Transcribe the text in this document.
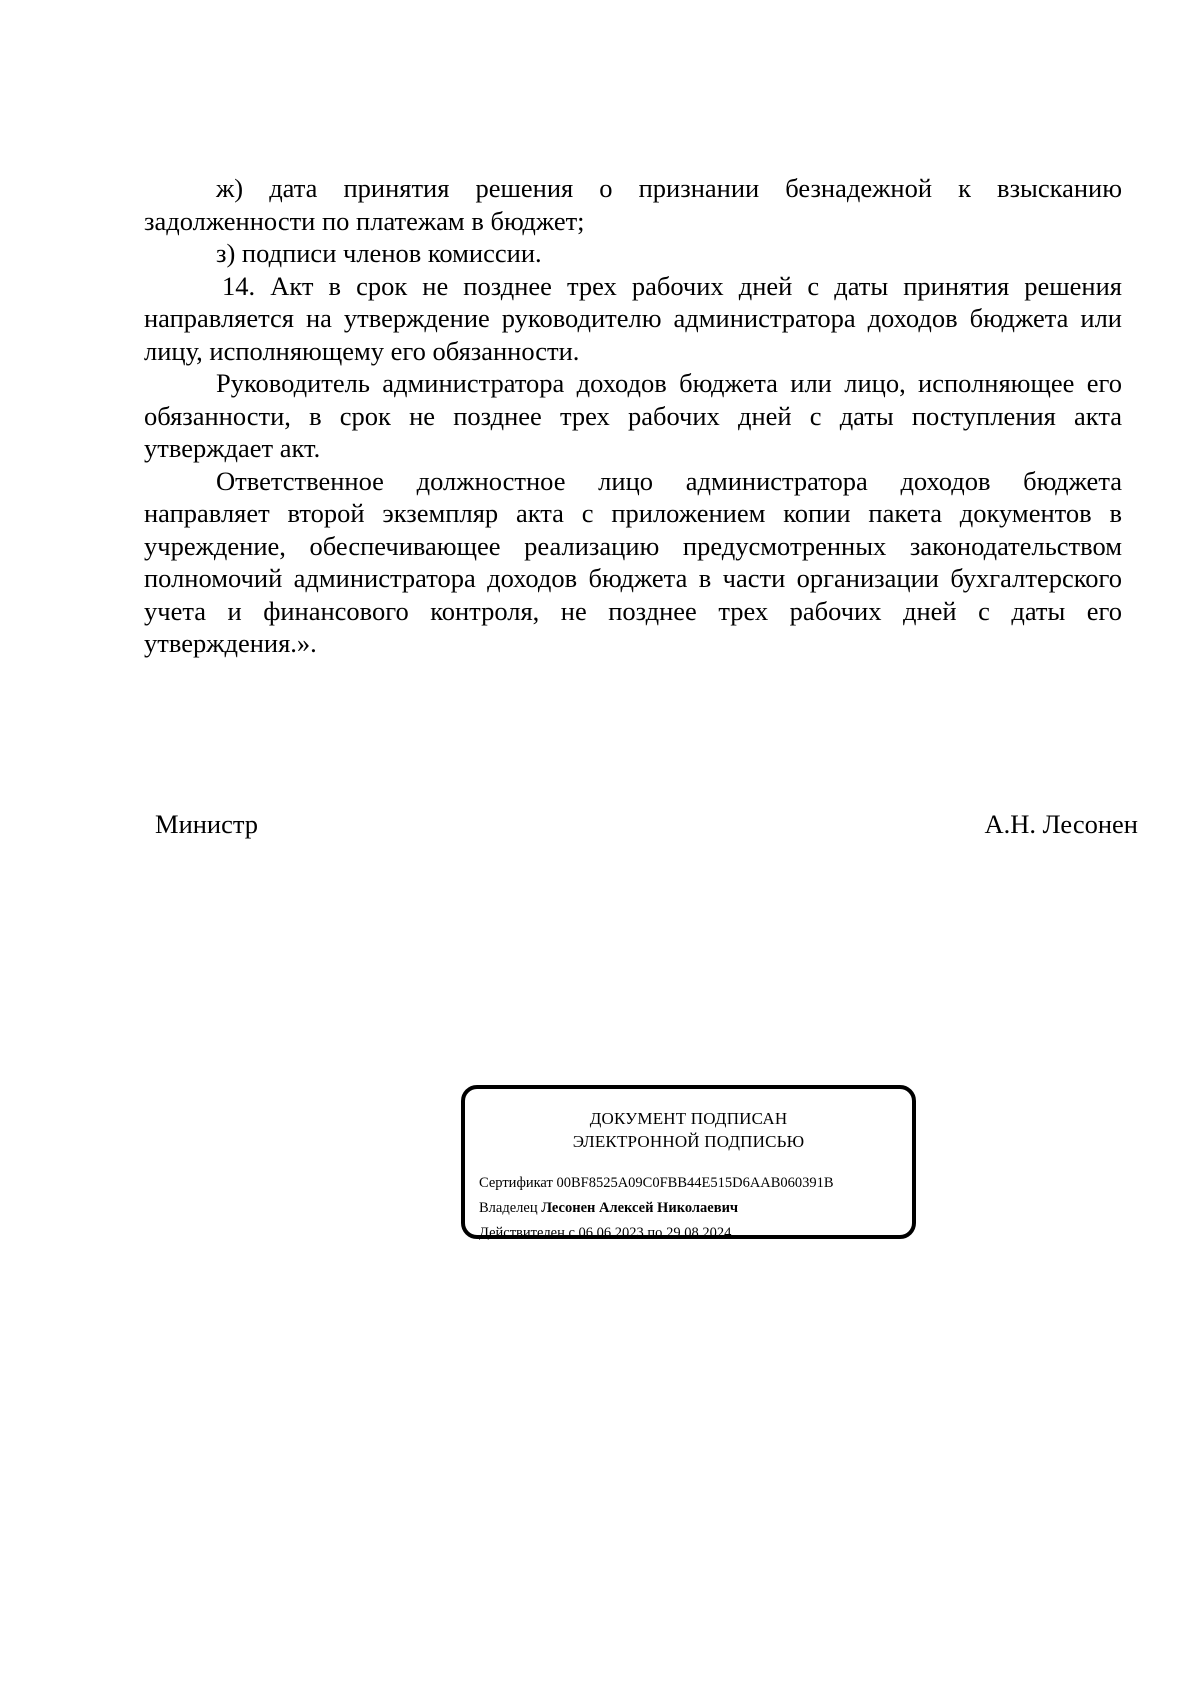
ж) дата принятия решения о признании безнадежной к взысканию задолженности по платежам в бюджет;

з) подписи членов комиссии.

14. Акт в срок не позднее трех рабочих дней с даты принятия решения направляется на утверждение руководителю администратора доходов бюджета или лицу, исполняющему его обязанности.

Руководитель администратора доходов бюджета или лицо, исполняющее его обязанности, в срок не позднее трех рабочих дней с даты поступления акта утверждает акт.

Ответственное должностное лицо администратора доходов бюджета направляет второй экземпляр акта с приложением копии пакета документов в учреждение, обеспечивающее реализацию предусмотренных законодательством полномочий администратора доходов бюджета в части организации бухгалтерского учета и финансового контроля, не позднее трех рабочих дней с даты его утверждения.».

Министр	А.Н. Лесонен
ДОКУМЕНТ ПОДПИСАН
ЭЛЕКТРОННОЙ ПОДПИСЬЮ
Сертификат 00BF8525A09C0FBB44E515D6AAB060391B
Владелец Лесонен Алексей Николаевич
Действителен с 06.06.2023 по 29.08.2024
